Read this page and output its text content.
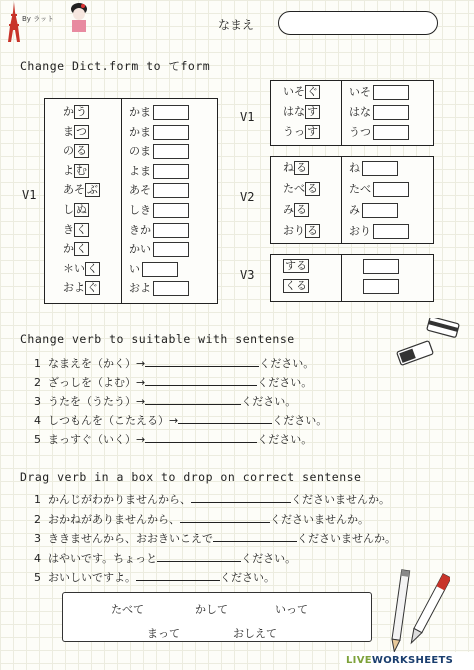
By ラット	なまえ
Change Dict.form to てform
V1
か う	かま
ま つ	かま
の る	のま
よ む	よま
あそ ぶ	あそ
し ぬ	しき
き く	きか
か く	かい
＊い く	い
およ ぐ	およ
V1
いそ ぐ	いそ
はな す	はな
うっ す	うつ
V2
ね る	ね
たべ る	たべ
み る	み
おり る	おり
V3
する
くる
Change verb to suitable with sentense
1 なまえを（かく）→	ください。
2 ざっしを（よむ）→	ください。
3 うたを（うたう）→	ください。
4 しつもんを（こたえる）→	ください。
5 まっすぐ（いく）→	ください。
Drag verb in a box to drop on correct sentense
1 かんじがわかりませんから、	くださいませんか。
2 おかねがありませんから、	くださいませんか。
3 ききませんから、おおきいこえで	くださいませんか。
4 はやいです。ちょっと	ください。
5 おいしいですよ。	ください。
たべて	かして	いって
まって	おしえて
LIVEWORKSHEETS
